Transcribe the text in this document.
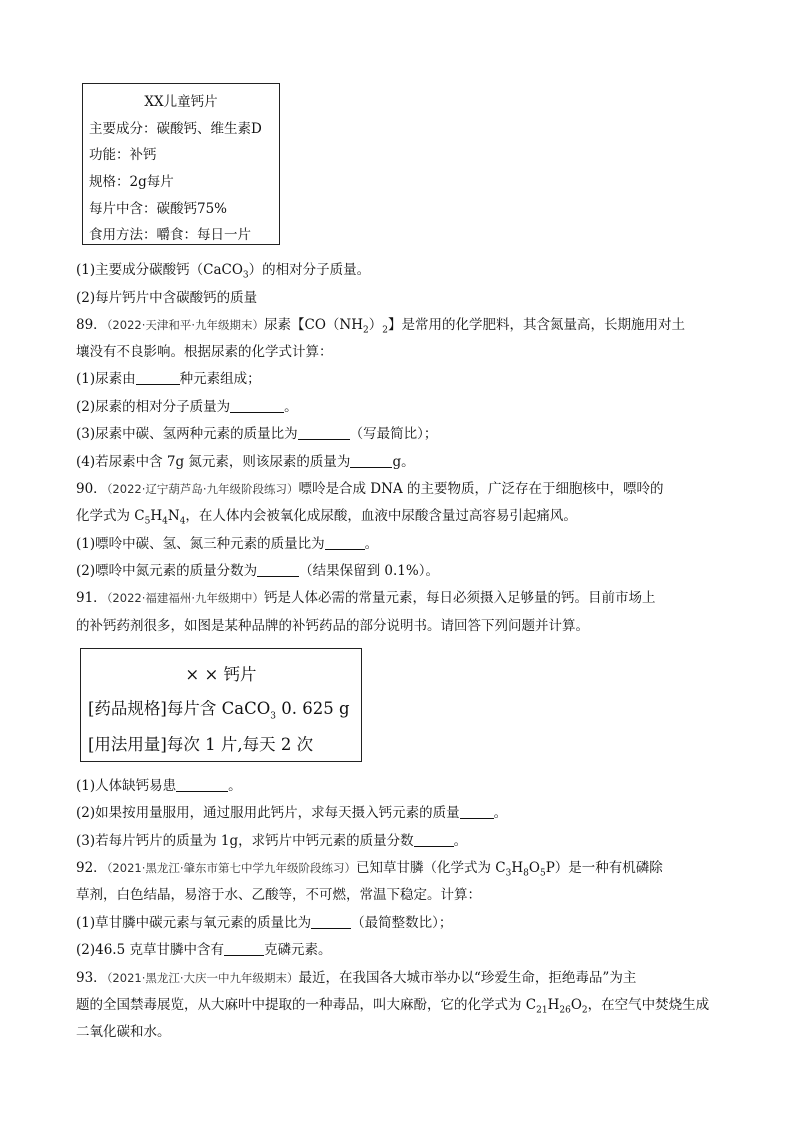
XX儿童钙片
主要成分：碳酸钙、维生素D
功能：补钙
规格：2g每片
每片中含：碳酸钙75%
食用方法：嚼食：每日一片
(1)主要成分碳酸钙（CaCO$_3$）的相对分子质量。
(2)每片钙片中含碳酸钙的质量
89．（2022·天津和平·九年级期末）尿素【$CO(NH_2)_2$】是常用的化学肥料，其含氮量高，长期施用对土
壤没有不良影响。根据尿素的化学式计算：
(1)尿素由	种元素组成；
(2)尿素的相对分子质量为	。
(3)尿素中碳、氢两种元素的质量比为	（写最简比）；
(4)若尿素中含 7g 氮元素，则该尿素的质量为	g。
90．（2022·辽宁葫芦岛·九年级阶段练习）嘌呤是合成 DNA 的主要物质，广泛存在于细胞核中，嘌呤的
化学式为 $C_5H_4N_4$，在人体内会被氧化成尿酸，血液中尿酸含量过高容易引起痛风。
(1)嘌呤中碳、氢、氮三种元素的质量比为	。
(2)嘌呤中氮元素的质量分数为	（结果保留到 0.1%）。
91．（2022·福建福州·九年级期中）钙是人体必需的常量元素，每日必须摄入足够量的钙。目前市场上
的补钙药剂很多，如图是某种品牌的补钙药品的部分说明书。请回答下列问题并计算。
× × 钙片
[药品规格]每片含 CaCO$_3$ 0. 625 g
[用法用量]每次 1 片,每天 2 次
(1)人体缺钙易患	。
(2)如果按用量服用，通过服用此钙片，求每天摄入钙元素的质量	。
(3)若每片钙片的质量为 1g，求钙片中钙元素的质量分数	。
92．（2021·黑龙江·肇东市第七中学九年级阶段练习）已知草甘膦（化学式为 $C_3H_8O_5P$）是一种有机磷除
草剂，白色结晶，易溶于水、乙酸等，不可燃，常温下稳定。计算：
(1)草甘膦中碳元素与氧元素的质量比为	（最简整数比）；
(2)46.5 克草甘膦中含有	克磷元素。
93．（2021·黑龙江·大庆一中九年级期末）最近，在我国各大城市举办以“珍爱生命，拒绝毒品”为主
题的全国禁毒展览，从大麻叶中提取的一种毒品，叫大麻酚，它的化学式为 $C_{21}H_{26}O_2$，在空气中焚烧生成
二氧化碳和水。
